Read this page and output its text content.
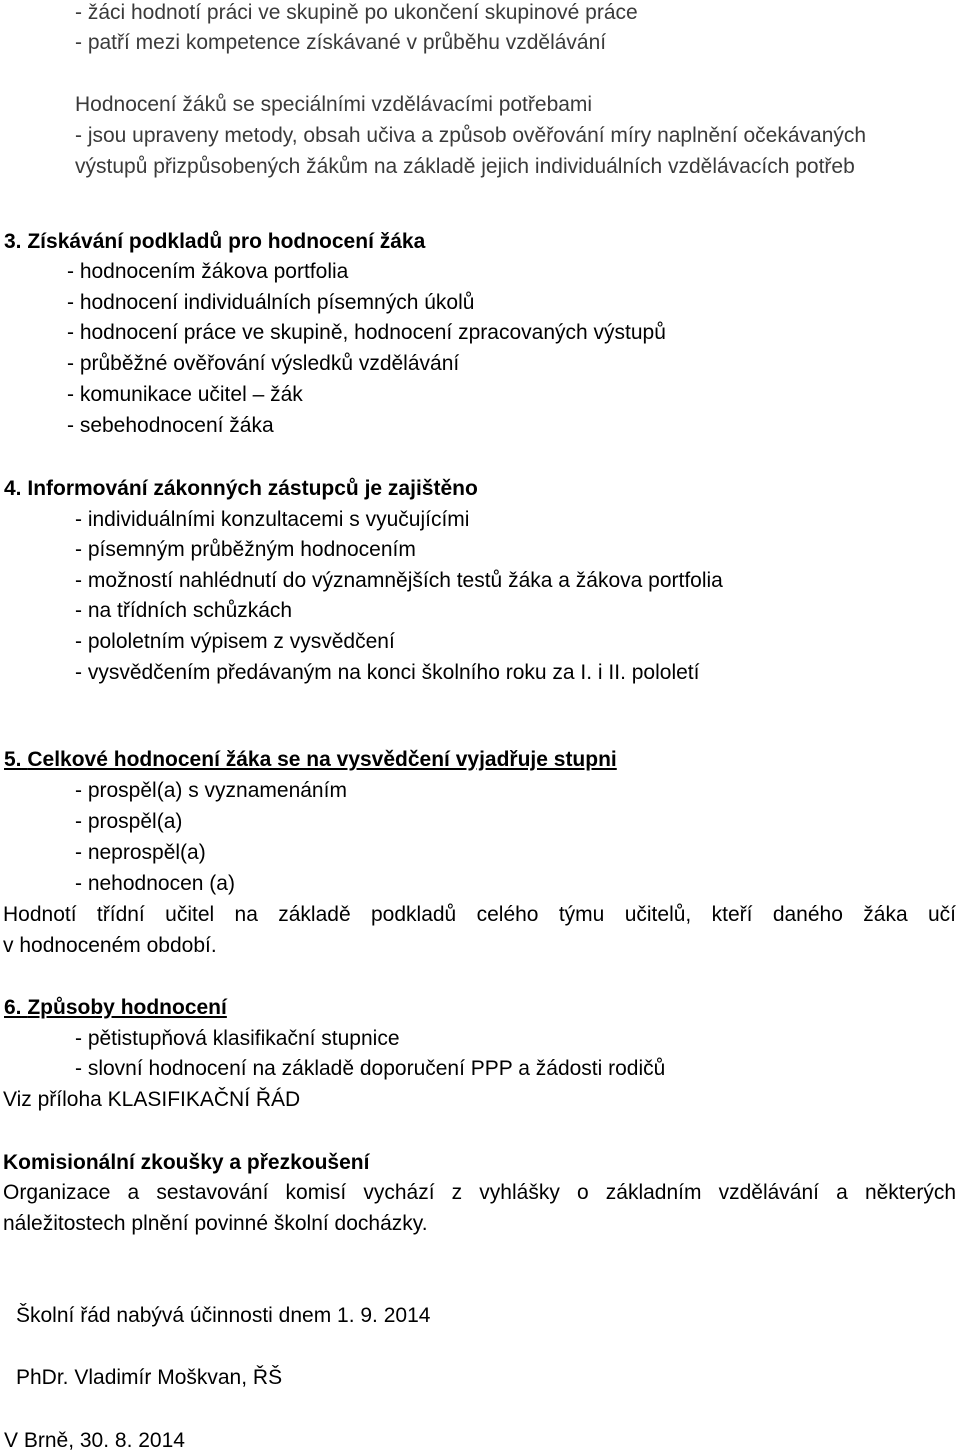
- žáci hodnotí práci ve skupině po ukončení skupinové práce
- patří mezi kompetence získávané v průběhu vzdělávání
Hodnocení žáků se speciálními vzdělávacími potřebami
- jsou upraveny metody, obsah učiva a způsob ověřování míry naplnění očekávaných
výstupů přizpůsobených žákům na základě jejich individuálních vzdělávacích potřeb
3. Získávání podkladů pro hodnocení žáka
- hodnocením žákova portfolia
- hodnocení individuálních písemných úkolů
- hodnocení práce ve skupině, hodnocení zpracovaných výstupů
- průběžné ověřování výsledků vzdělávání
- komunikace učitel – žák
- sebehodnocení žáka
4. Informování zákonných zástupců je zajištěno
- individuálními konzultacemi s vyučujícími
- písemným průběžným hodnocením
- možností nahlédnutí do významnějších testů žáka a žákova portfolia
- na třídních schůzkách
- pololetním výpisem z vysvědčení
- vysvědčením předávaným na konci školního roku za I. i II. pololetí
5. Celkové hodnocení žáka se na vysvědčení vyjadřuje stupni
- prospěl(a) s vyznamenáním
- prospěl(a)
- neprospěl(a)
- nehodnocen (a)
Hodnotí třídní učitel na základě podkladů celého týmu učitelů, kteří daného žáka učí
v hodnoceném období.
6. Způsoby hodnocení
- pětistupňová klasifikační stupnice
- slovní hodnocení na základě doporučení PPP a žádosti rodičů
Viz příloha KLASIFIKAČNÍ ŘÁD
Komisionální zkoušky a přezkoušení
Organizace a sestavování komisí vychází z vyhlášky o základním vzdělávání a některých
náležitostech plnění povinné školní docházky.
Školní řád nabývá účinnosti dnem 1. 9. 2014
PhDr. Vladimír Moškvan, ŘŠ
V Brně, 30. 8. 2014
